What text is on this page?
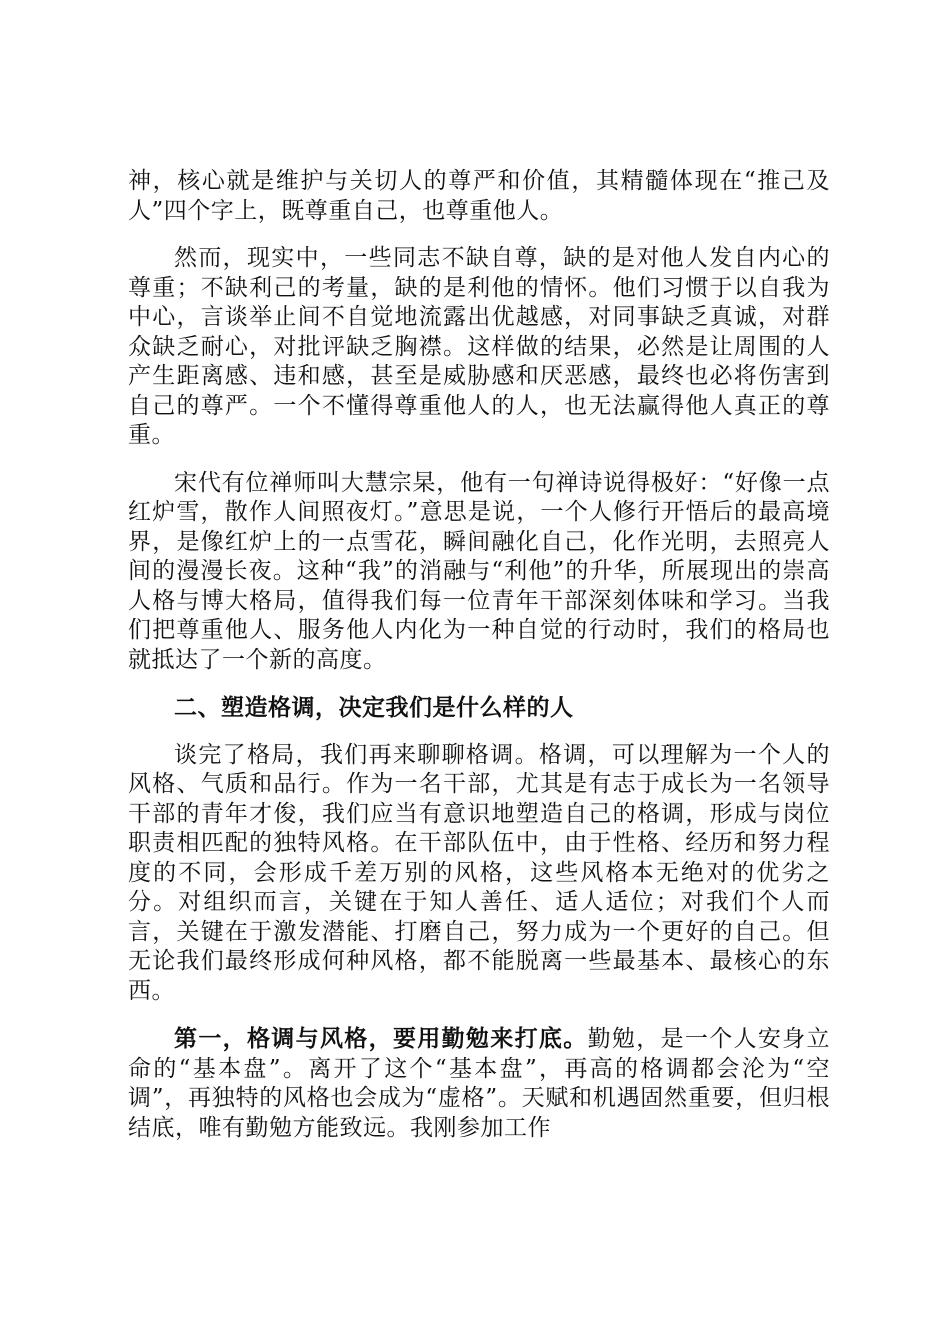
神，核心就是维护与关切人的尊严和价值，其精髓体现在“推己及人”四个字上，既尊重自己，也尊重他人。

然而，现实中，一些同志不缺自尊，缺的是对他人发自内心的尊重；不缺利己的考量，缺的是利他的情怀。他们习惯于以自我为中心，言谈举止间不自觉地流露出优越感，对同事缺乏真诚，对群众缺乏耐心，对批评缺乏胸襟。这样做的结果，必然是让周围的人产生距离感、违和感，甚至是威胁感和厌恶感，最终也必将伤害到自己的尊严。一个不懂得尊重他人的人，也无法赢得他人真正的尊重。

宋代有位禅师叫大慧宗杲，他有一句禅诗说得极好：“好像一点红炉雪，散作人间照夜灯。”意思是说，一个人修行开悟后的最高境界，是像红炉上的一点雪花，瞬间融化自己，化作光明，去照亮人间的漫漫长夜。这种“我”的消融与“利他”的升华，所展现出的崇高人格与博大格局，值得我们每一位青年干部深刻体味和学习。当我们把尊重他人、服务他人内化为一种自觉的行动时，我们的格局也就抵达了一个新的高度。

二、塑造格调，决定我们是什么样的人

谈完了格局，我们再来聊聊格调。格调，可以理解为一个人的风格、气质和品行。作为一名干部，尤其是有志于成长为一名领导干部的青年才俊，我们应当有意识地塑造自己的格调，形成与岗位职责相匹配的独特风格。在干部队伍中，由于性格、经历和努力程度的不同，会形成千差万别的风格，这些风格本无绝对的优劣之分。对组织而言，关键在于知人善任、适人适位；对我们个人而言，关键在于激发潜能、打磨自己，努力成为一个更好的自己。但无论我们最终形成何种风格，都不能脱离一些最基本、最核心的东西。

第一，格调与风格，要用勤勉来打底。勤勉，是一个人安身立命的“基本盘”。离开了这个“基本盘”，再高的格调都会沦为“空调”，再独特的风格也会成为“虚格”。天赋和机遇固然重要，但归根结底，唯有勤勉方能致远。我刚参加工作
